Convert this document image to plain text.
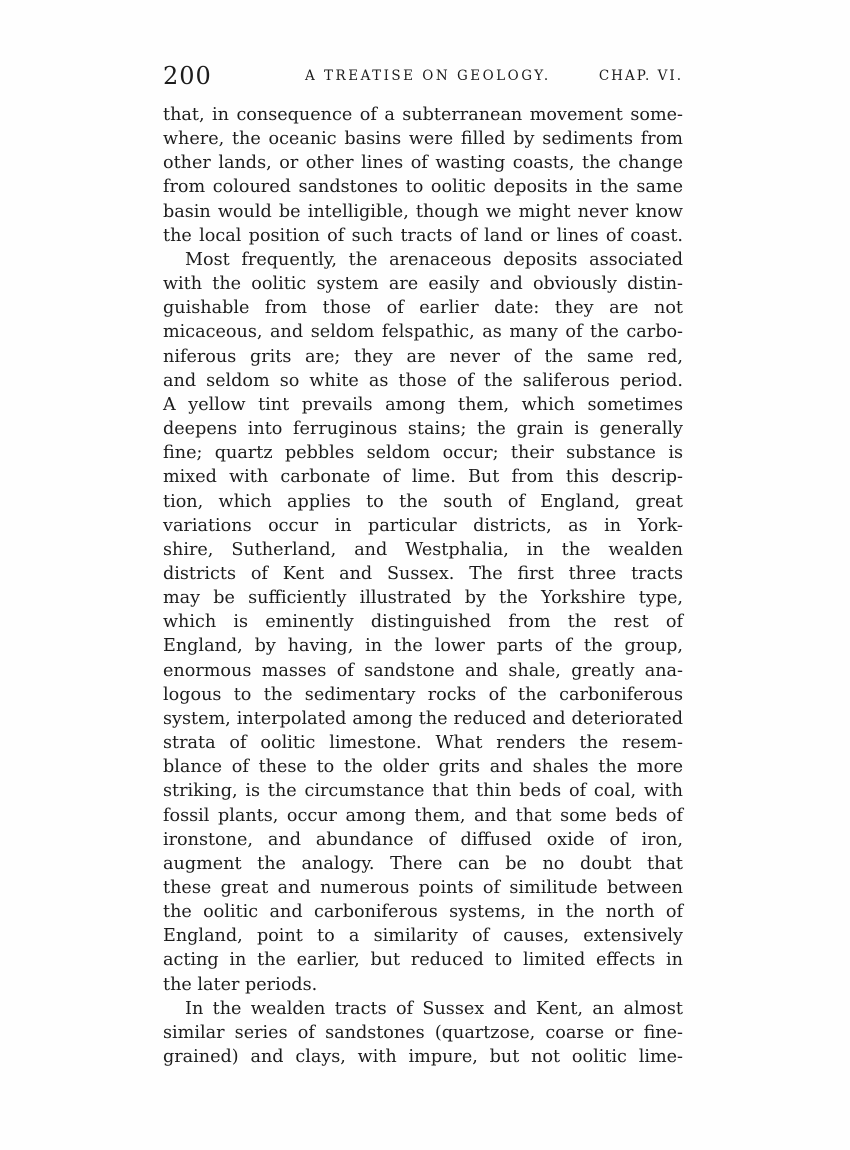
200	A TREATISE ON GEOLOGY.	CHAP. VI.
that, in consequence of a subterranean movement some-
where, the oceanic basins were filled by sediments from
other lands, or other lines of wasting coasts, the change
from coloured sandstones to oolitic deposits in the same
basin would be intelligible, though we might never know
the local position of such tracts of land or lines of coast.
Most frequently, the arenaceous deposits associated
with the oolitic system are easily and obviously distin-
guishable from those of earlier date: they are not
micaceous, and seldom felspathic, as many of the carbo-
niferous grits are; they are never of the same red,
and seldom so white as those of the saliferous period.
A yellow tint prevails among them, which sometimes
deepens into ferruginous stains; the grain is generally
fine; quartz pebbles seldom occur; their substance is
mixed with carbonate of lime. But from this descrip-
tion, which applies to the south of England, great
variations occur in particular districts, as in York-
shire, Sutherland, and Westphalia, in the wealden
districts of Kent and Sussex. The first three tracts
may be sufficiently illustrated by the Yorkshire type,
which is eminently distinguished from the rest of
England, by having, in the lower parts of the group,
enormous masses of sandstone and shale, greatly ana-
logous to the sedimentary rocks of the carboniferous
system, interpolated among the reduced and deteriorated
strata of oolitic limestone. What renders the resem-
blance of these to the older grits and shales the more
striking, is the circumstance that thin beds of coal, with
fossil plants, occur among them, and that some beds of
ironstone, and abundance of diffused oxide of iron,
augment the analogy. There can be no doubt that
these great and numerous points of similitude between
the oolitic and carboniferous systems, in the north of
England, point to a similarity of causes, extensively
acting in the earlier, but reduced to limited effects in
the later periods.
In the wealden tracts of Sussex and Kent, an almost
similar series of sandstones (quartzose, coarse or fine-
grained) and clays, with impure, but not oolitic lime-
